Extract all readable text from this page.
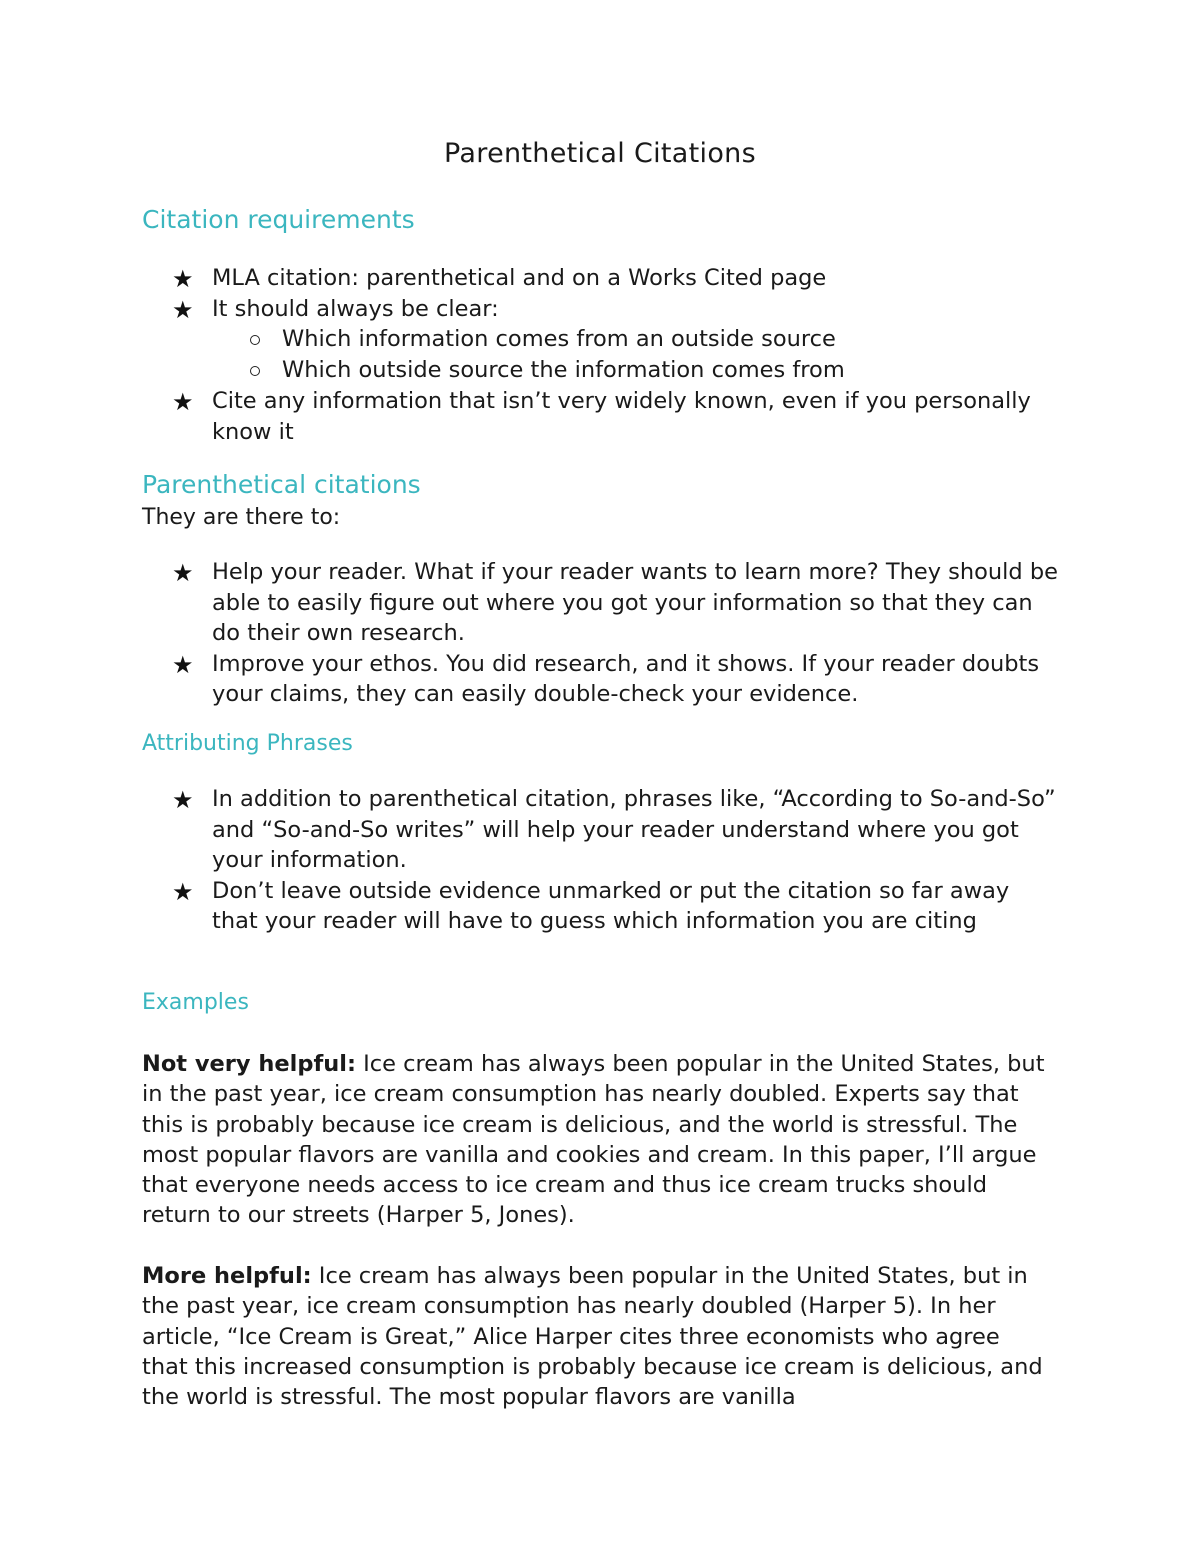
Parenthetical Citations
Citation requirements
★ MLA citation: parenthetical and on a Works Cited page
★ It should always be clear:
Which information comes from an outside source
Which outside source the information comes from
★ Cite any information that isn’t very widely known, even if you personally know it
Parenthetical citations
They are there to:
★ Help your reader. What if your reader wants to learn more? They should be able to easily figure out where you got your information so that they can do their own research.
★ Improve your ethos. You did research, and it shows. If your reader doubts your claims, they can easily double-check your evidence.
Attributing Phrases
★ In addition to parenthetical citation, phrases like, “According to So-and-So” and “So-and-So writes” will help your reader understand where you got your information.
★ Don’t leave outside evidence unmarked or put the citation so far away that your reader will have to guess which information you are citing
Examples

Not very helpful: Ice cream has always been popular in the United States, but in the past year, ice cream consumption has nearly doubled. Experts say that this is probably because ice cream is delicious, and the world is stressful. The most popular flavors are vanilla and cookies and cream. In this paper, I’ll argue that everyone needs access to ice cream and thus ice cream trucks should return to our streets (Harper 5, Jones).

More helpful: Ice cream has always been popular in the United States, but in the past year, ice cream consumption has nearly doubled (Harper 5). In her article, “Ice Cream is Great,” Alice Harper cites three economists who agree that this increased consumption is probably because ice cream is delicious, and the world is stressful. The most popular flavors are vanilla
